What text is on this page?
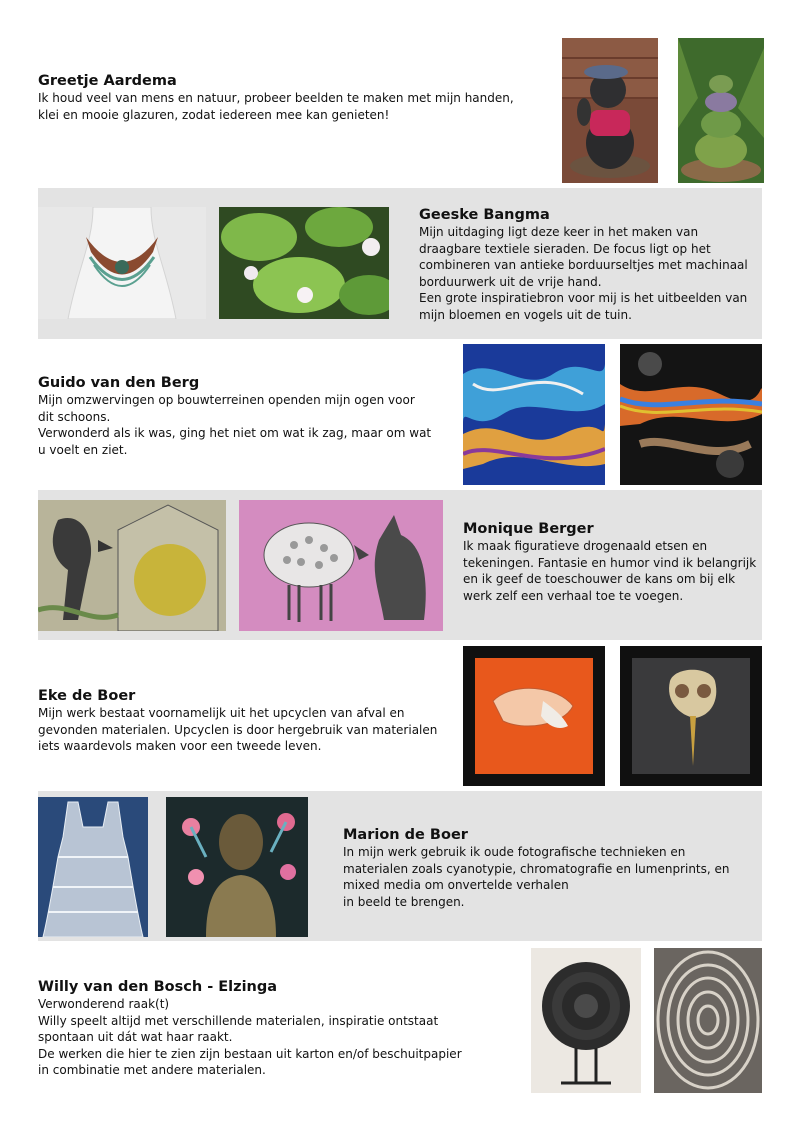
Greetje Aardema

Ik houd veel van mens en natuur, probeer beelden te maken met mijn handen,

klei en mooie glazuren, zodat iedereen mee kan genieten!

Geeske Bangma

Mijn uitdaging ligt deze keer in het maken van

draagbare textiele sieraden. De focus ligt op het

combineren van antieke borduurseltjes met machinaal

borduurwerk uit de vrije hand.

Een grote inspiratiebron voor mij is het uitbeelden van

mijn bloemen en vogels uit de tuin.

Guido van den Berg

Mijn omzwervingen op bouwterreinen openden mijn ogen voor

dit schoons.

Verwonderd als ik was, ging het niet om wat ik zag, maar om wat

u voelt en ziet.

Monique Berger

Ik maak figuratieve drogenaald etsen en

tekeningen. Fantasie en humor vind ik belangrijk

en ik geef de toeschouwer de kans om bij elk

werk zelf een verhaal toe te voegen.

Eke de Boer

Mijn werk bestaat voornamelijk uit het upcyclen van afval en

gevonden materialen. Upcyclen is door hergebruik van materialen

iets waardevols maken voor een tweede leven.

Marion de Boer

In mijn werk gebruik ik oude fotografische technieken en

materialen zoals cyanotypie, chromatografie en lumenprints, en

mixed media om onvertelde verhalen

in beeld te brengen.

Willy van den Bosch - Elzinga

Verwonderend raak(t)

Willy speelt altijd met verschillende materialen, inspiratie ontstaat

spontaan uit dát wat haar raakt.

De werken die hier te zien zijn bestaan uit karton en/of beschuitpapier

in combinatie met andere materialen.
